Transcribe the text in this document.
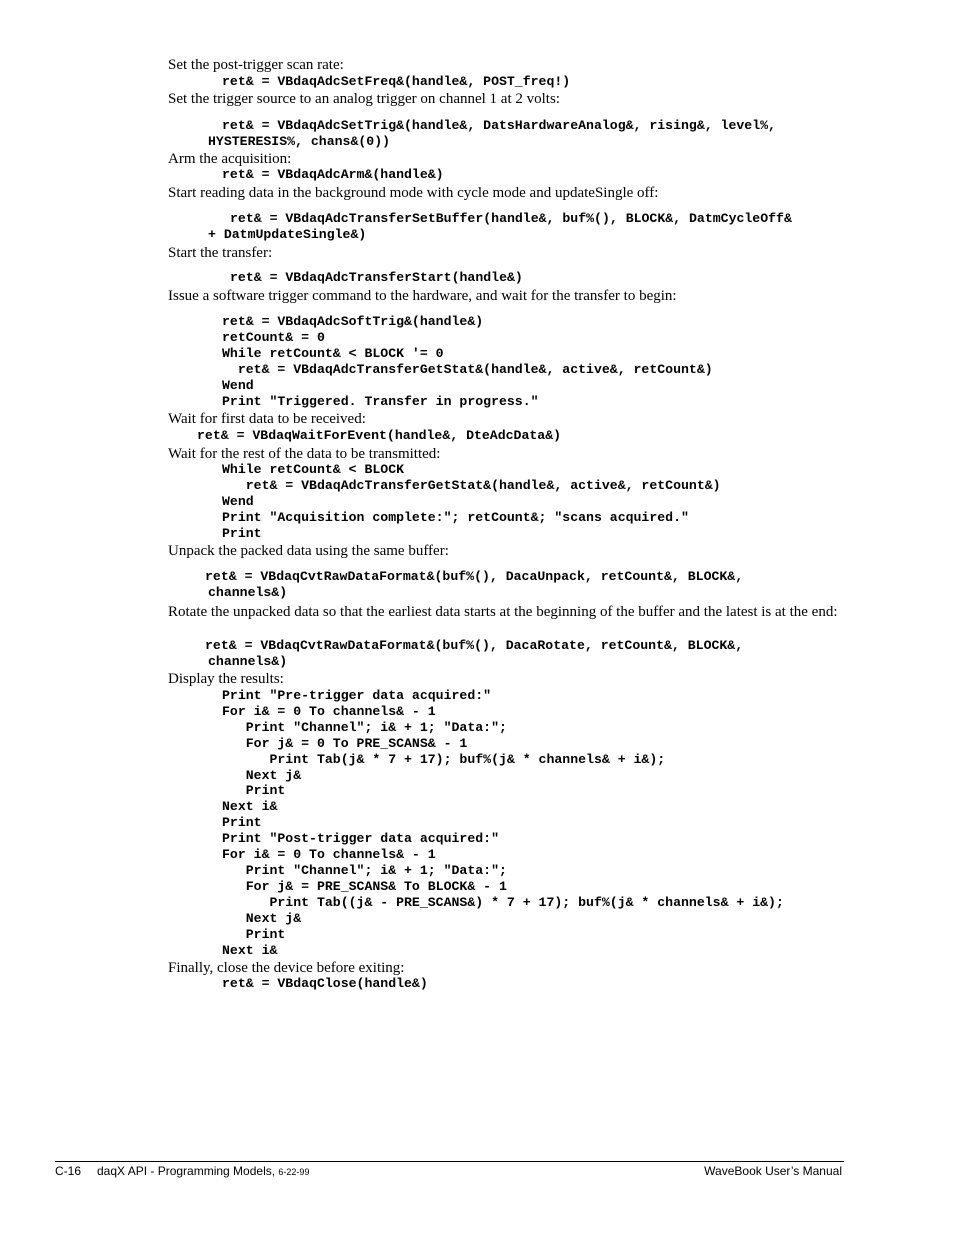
Set the post-trigger scan rate:
ret& = VBdaqAdcSetFreq&(handle&, POST_freq!)
Set the trigger source to an analog trigger on channel 1 at 2 volts:
ret& = VBdaqAdcSetTrig&(handle&, DatsHardwareAnalog&, rising&, level%,
HYSTERESIS%, chans&(0))
Arm the acquisition:
ret& = VBdaqAdcArm&(handle&)
Start reading data in the background mode with cycle mode and updateSingle off:
ret& = VBdaqAdcTransferSetBuffer(handle&, buf%(), BLOCK&, DatmCycleOff&
+ DatmUpdateSingle&)
Start the transfer:
ret& = VBdaqAdcTransferStart(handle&)
Issue a software trigger command to the hardware, and wait for the transfer to begin:
ret& = VBdaqAdcSoftTrig&(handle&)
retCount& = 0
While retCount& < BLOCK '= 0
ret& = VBdaqAdcTransferGetStat&(handle&, active&, retCount&)
Wend
Print "Triggered. Transfer in progress."
Wait for first data to be received:
ret& = VBdaqWaitForEvent(handle&, DteAdcData&)
Wait for the rest of the data to be transmitted:
While retCount& < BLOCK
ret& = VBdaqAdcTransferGetStat&(handle&, active&, retCount&)
Wend
Print "Acquisition complete:"; retCount&; "scans acquired."
Print
Unpack the packed data using the same buffer:
ret& = VBdaqCvtRawDataFormat&(buf%(), DacaUnpack, retCount&, BLOCK&,
channels&)
Rotate the unpacked data so that the earliest data starts at the beginning of the buffer and the latest is at the end:
ret& = VBdaqCvtRawDataFormat&(buf%(), DacaRotate, retCount&, BLOCK&,
channels&)
Display the results:
Print "Pre-trigger data acquired:"
For i& = 0 To channels& - 1
Print "Channel"; i& + 1; "Data:";
For j& = 0 To PRE_SCANS& - 1
Print Tab(j& * 7 + 17); buf%(j& * channels& + i&);
Next j&
Print
Next i&
Print
Print "Post-trigger data acquired:"
For i& = 0 To channels& - 1
Print "Channel"; i& + 1; "Data:";
For j& = PRE_SCANS& To BLOCK& - 1
Print Tab((j& - PRE_SCANS&) * 7 + 17); buf%(j& * channels& + i&);
Next j&
Print
Next i&
Finally, close the device before exiting:
ret& = VBdaqClose(handle&)
C-16 daqX API - Programming Models, 6-22-99	WaveBook User’s Manual
